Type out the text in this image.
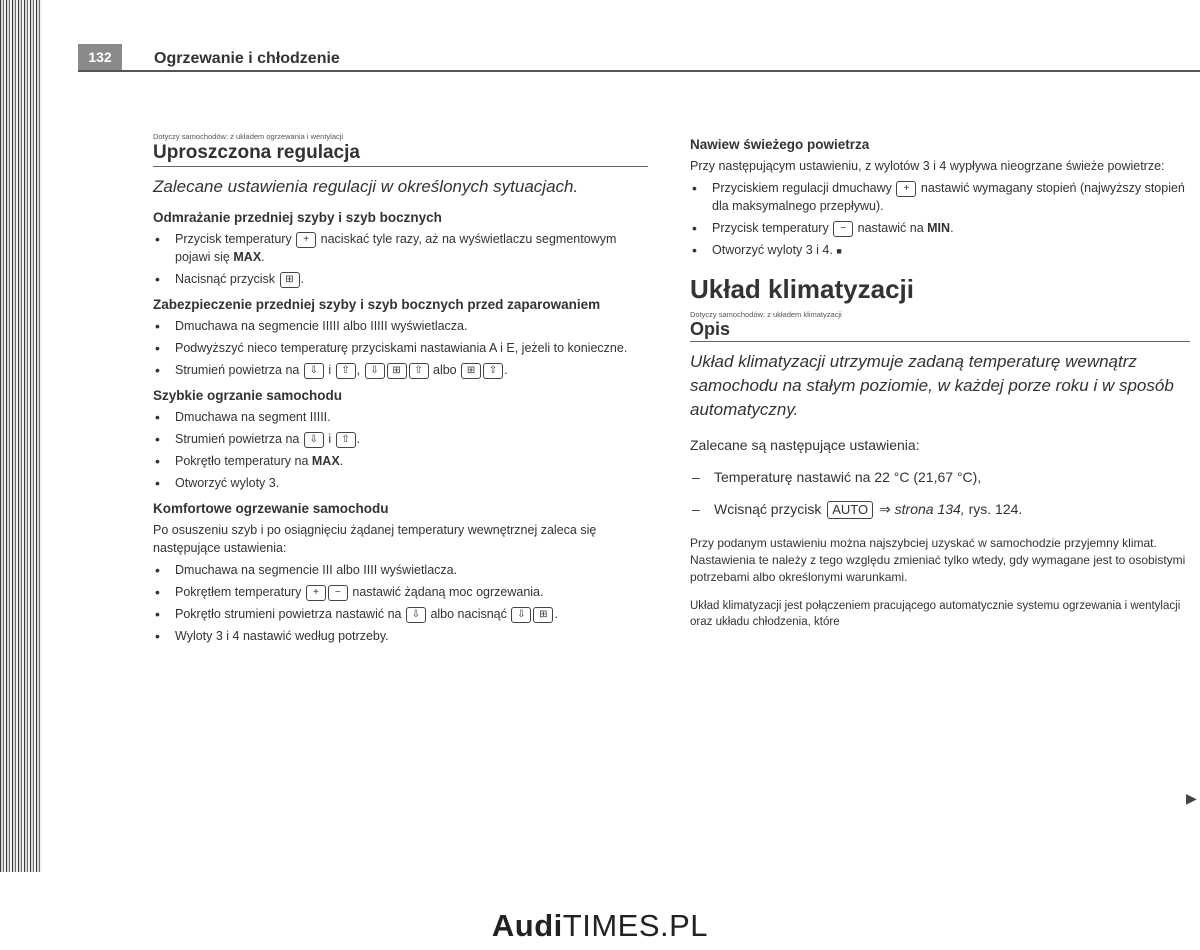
132	Ogrzewanie i chłodzenie
Dotyczy samochodów: z układem ogrzewania i wentylacji
Uproszczona regulacja
Zalecane ustawienia regulacji w określonych sytuacjach.
Odmrażanie przedniej szyby i szyb bocznych
• Przycisk temperatury + naciskać tyle razy, aż na wyświetlaczu segmentowym pojawi się MAX.
• Nacisnąć przycisk ⊞ .
Zabezpieczenie przedniej szyby i szyb bocznych przed zaparowaniem
• Dmuchawa na segmencie IIIII albo IIIII wyświetlacza.
• Podwyższyć nieco temperaturę przyciskami nastawiania A i E, jeżeli to konieczne.
• Strumień powietrza na ⇩ i ⇧ , ⇩ ⊞ ⇧ albo ⊞ ⇧ .
Szybkie ogrzanie samochodu
• Dmuchawa na segment IIIII.
• Strumień powietrza na ⇩ i ⇧ .
• Pokrętło temperatury na MAX.
• Otworzyć wyloty 3.
Komfortowe ogrzewanie samochodu

Po osuszeniu szyb i po osiągnięciu żądanej temperatury wewnętrznej zaleca się następujące ustawienia:

• Dmuchawa na segmencie III albo IIII wyświetlacza.
• Pokrętłem temperatury + − nastawić żądaną moc ogrzewania.
• Pokrętło strumieni powietrza nastawić na ⇩ albo nacisnąć ⇩ ⊞ .
• Wyloty 3 i 4 nastawić według potrzeby.
Nawiew świeżego powietrza

Przy następującym ustawieniu, z wylotów 3 i 4 wypływa nieogrzane świeże powietrze:

• Przyciskiem regulacji dmuchawy + nastawić wymagany stopień (najwyższy stopień dla maksymalnego przepływu).
• Przycisk temperatury − nastawić na MIN.
• Otworzyć wyloty 3 i 4. ■
Układ klimatyzacji
Dotyczy samochodów: z układem klimatyzacji
Opis
Układ klimatyzacji utrzymuje zadaną temperaturę wewnątrz samochodu na stałym poziomie, w każdej porze roku i w sposób automatyczny.

Zalecane są następujące ustawienia:

– Temperaturę nastawić na 22 °C (21,67 °C),
– Wcisnąć przycisk AUTO ⇒ strona 134, rys. 124.

Przy podanym ustawieniu można najszybciej uzyskać w samochodzie przyjemny klimat. Nastawienia te należy z tego względu zmieniać tylko wtedy, gdy wymagane jest to osobistymi potrzebami albo określonymi warunkami.

Układ klimatyzacji jest połączeniem pracującego automatycznie systemu ogrzewania i wentylacji oraz układu chłodzenia, które

▶
AudiTIMES.PL
